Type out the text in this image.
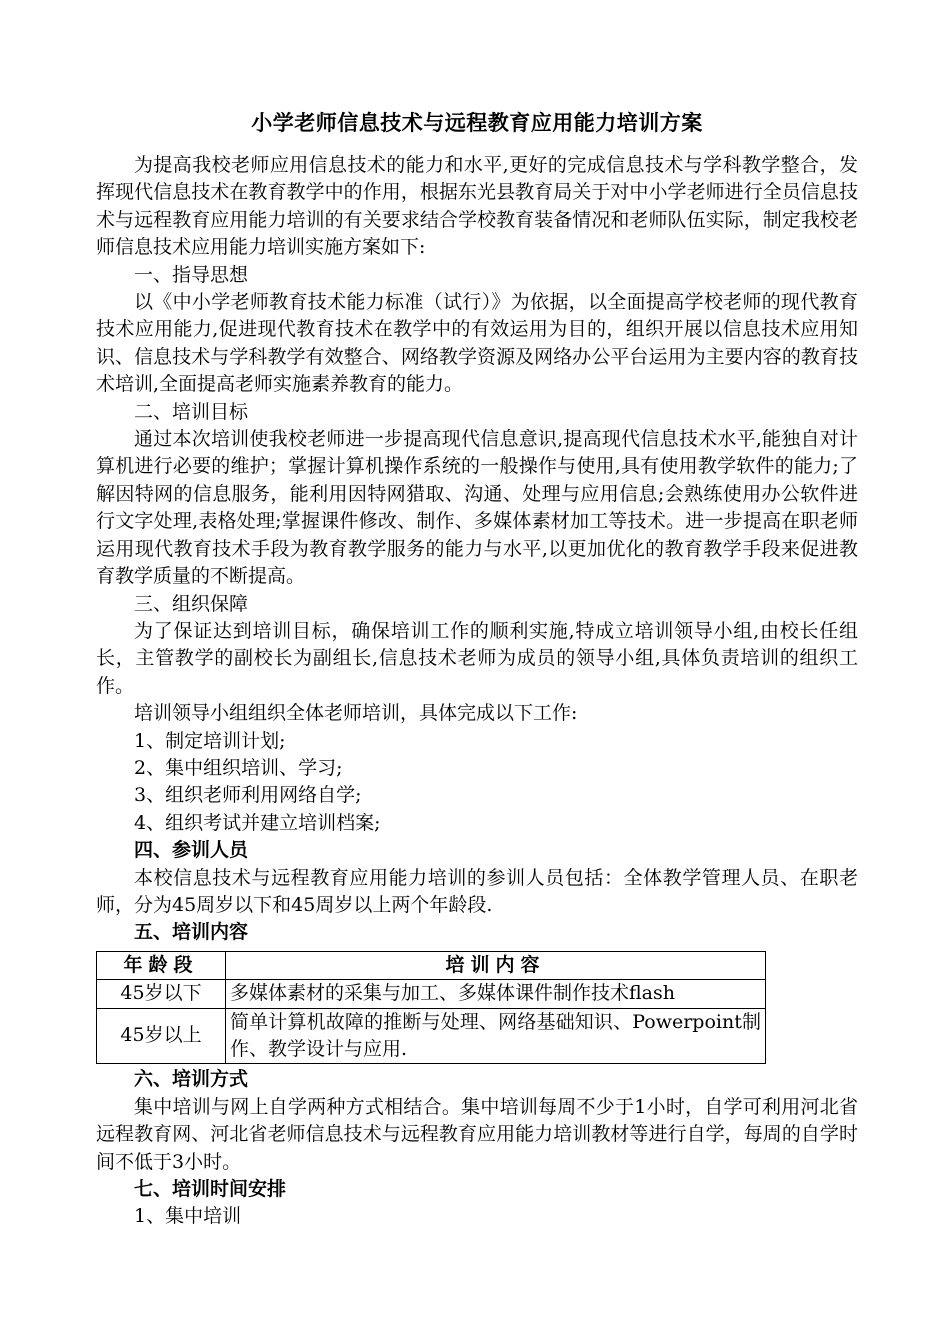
小学老师信息技术与远程教育应用能力培训方案

为提高我校老师应用信息技术的能力和水平,更好的完成信息技术与学科教学整合，发挥现代信息技术在教育教学中的作用，根据东光县教育局关于对中小学老师进行全员信息技术与远程教育应用能力培训的有关要求结合学校教育装备情况和老师队伍实际，制定我校老师信息技术应用能力培训实施方案如下:

一、指导思想

以《中小学老师教育技术能力标准（试行）》为依据，以全面提高学校老师的现代教育技术应用能力,促进现代教育技术在教学中的有效运用为目的，组织开展以信息技术应用知识、信息技术与学科教学有效整合、网络教学资源及网络办公平台运用为主要内容的教育技术培训,全面提高老师实施素养教育的能力。

二、培训目标

通过本次培训使我校老师进一步提高现代信息意识,提高现代信息技术水平,能独自对计算机进行必要的维护；掌握计算机操作系统的一般操作与使用,具有使用教学软件的能力;了解因特网的信息服务，能利用因特网猎取、沟通、处理与应用信息;会熟练使用办公软件进行文字处理,表格处理;掌握课件修改、制作、多媒体素材加工等技术。进一步提高在职老师运用现代教育技术手段为教育教学服务的能力与水平,以更加优化的教育教学手段来促进教育教学质量的不断提高。

三、组织保障

为了保证达到培训目标，确保培训工作的顺利实施,特成立培训领导小组,由校长任组长，主管教学的副校长为副组长,信息技术老师为成员的领导小组,具体负责培训的组织工作。

培训领导小组组织全体老师培训，具体完成以下工作:

1、制定培训计划;

2、集中组织培训、学习;

3、组织老师利用网络自学;

4、组织考试并建立培训档案;

四、参训人员

本校信息技术与远程教育应用能力培训的参训人员包括：全体教学管理人员、在职老师，分为45周岁以下和45周岁以上两个年龄段.

五、培训内容

年龄段	培训内容
45岁以下	多媒体素材的采集与加工、多媒体课件制作技术flash
45岁以上	简单计算机故障的推断与处理、网络基础知识、Powerpoint制作、教学设计与应用.

六、培训方式

集中培训与网上自学两种方式相结合。集中培训每周不少于1小时，自学可利用河北省远程教育网、河北省老师信息技术与远程教育应用能力培训教材等进行自学，每周的自学时间不低于3小时。

七、培训时间安排

1、集中培训
